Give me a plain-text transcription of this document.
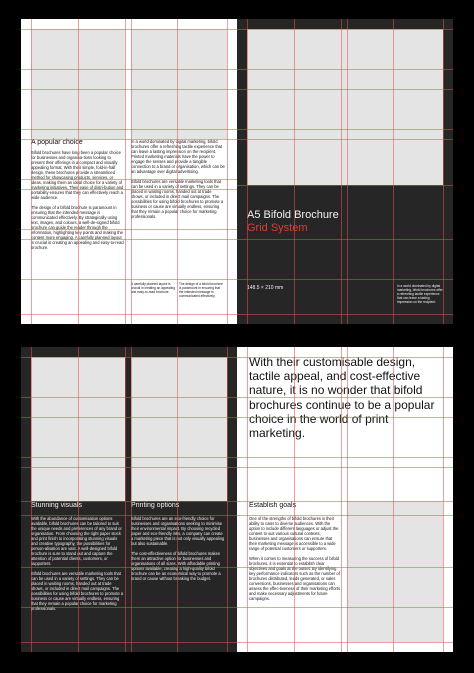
A popular choice
Bifold brochures have long been a popular choice for businesses and organisa-tions looking to present their offerings in a compact and visually appealing format. With their simple, fold-in-half design, these brochures provide a streamlined method for showcasing products, services, or ideas, making them an ideal choice for a variety of marketing initiatives. Their ease of distri-bution and portability ensures that they can effectively reach a wide audience.

The design of a bifold brochure is paramount in ensuring that the intended message is communicated effectively. By strategically using text, images, and colours, a well-de-signed bifold brochure can guide the reader through the information, highlighting key points and making the content more engaging. A carefully planned layout is crucial in creating an appealing and easy-to-read brochure.
In a world dominated by digital marketing, bifold brochures offer a refreshing tactile experience that can leave a lasting impression on the recipient. Printed marketing materials have the power to engage the senses and provide a tangible connection to a brand or organisation, which can be an advantage over digital advertising.

Bifold brochures are versatile marketing tools that can be used in a variety of settings. They can be placed in waiting rooms, handed out at trade shows, or included in direct mail campaigns. The possibilities for using bifold brochures to promote a business or cause are virtually endless, ensuring that they remain a popular choice for marketing professionals.
A carefully planned layout is crucial in creating an appealing and easy-to-read brochure.
The design of a bifold brochure is paramount in ensuring that the intended message is communicated effectively.
A5 Bifold Brochure
Grid System
148.5 × 210 mm	In a world dominated by digital marketing, bifold brochures offer a refreshing tactile experience that can leave a lasting impression on the recipient.
Stunning visuals
With the abundance of customisation options available, bifold brochures can be tailored to suit the unique needs and preferences of any brand or organisation. From choosing the right paper stock and print finish to incorporating stunning visuals and creative typography, the possibilities for person-alisation are vast. A well-designed bifold brochure is sure to stand out and capture the attention of potential clients, customers, or supporters.

Bifold brochures are versatile marketing tools that can be used in a variety of settings. They can be placed in waiting rooms, handed out at trade shows, or included in direct mail campaigns. The possibilities for using bifold brochures to promote a business or cause are virtually endless, ensuring that they remain a popular choice for marketing professionals.
Printing options
Bifold brochures are an eco-friendly choice for businesses and organisations seeking to minimise their environmental impact. By choosing recycled paper and eco-friendly inks, a company can create a marketing piece that is not only visually appealing but also sustainable.

The cost-effectiveness of bifold brochures makes them an attractive option for businesses and organisations of all sizes. With affordable printing options available, creating a high-quality bifold brochure can be an economical way to promote a brand or cause without breaking the budget.
With their customisable design, tactile appeal, and cost-effective nature, it is no wonder that bifold brochures continue to be a popular choice in the world of print marketing.
Establish goals
One of the strengths of bifold brochures is their ability to cater to diverse audiences. With the option to include different languages or adjust the content to suit various cultural contexts, businesses and organisations can ensure that their marketing message is accessible to a wide range of potential customers or supporters.

When it comes to measuring the success of bifold brochures, it is essential to establish clear objectives and goals at the outset. By identifying key performance indicators such as the number of brochures distributed, leads generated, or sales conversions, businesses and organisations can assess the effec-tiveness of their marketing efforts and make necessary adjustments for future campaigns.
